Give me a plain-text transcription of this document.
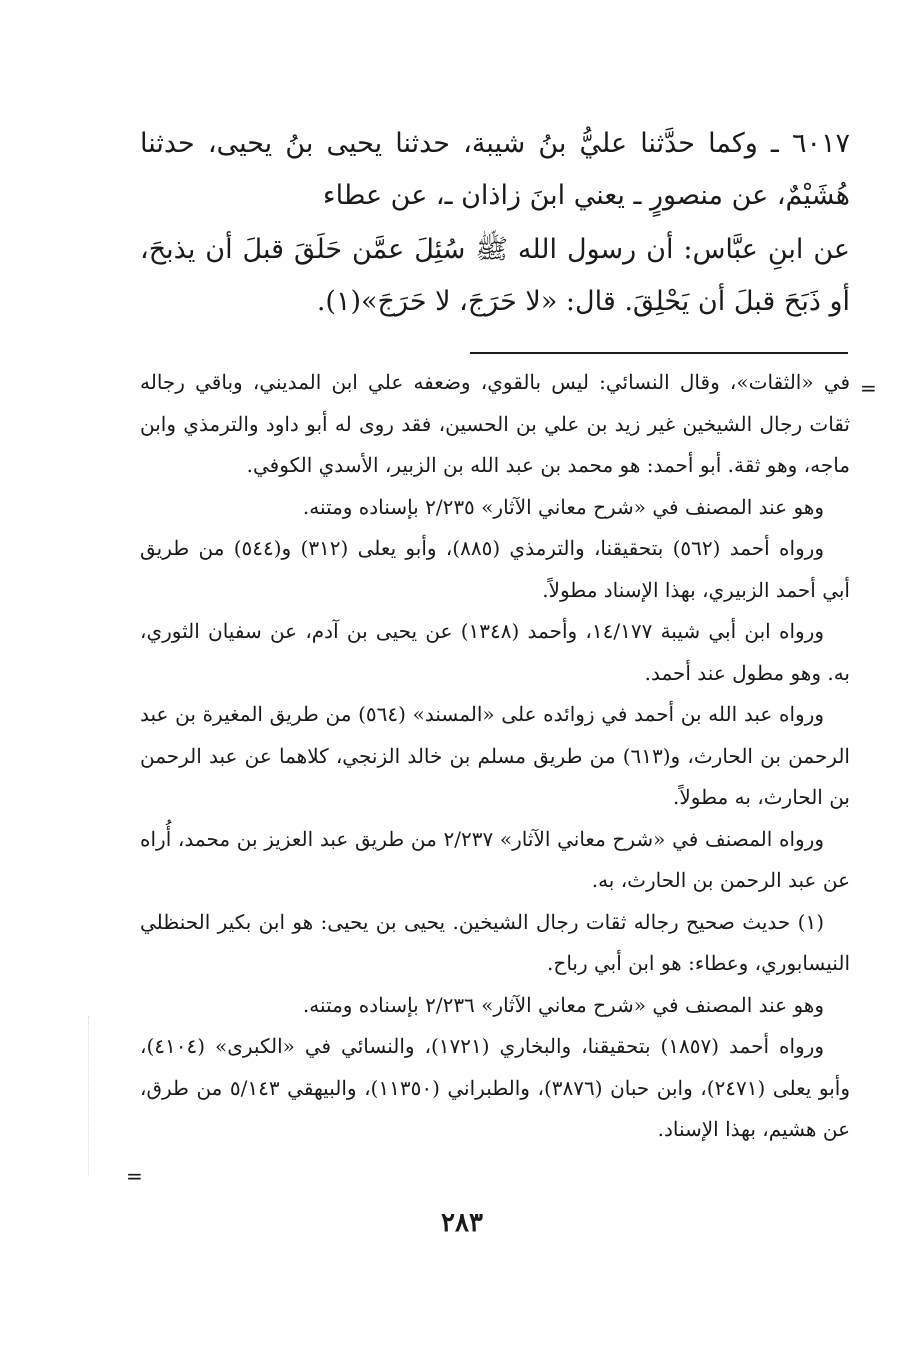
٦٠١٧ ـ وكما حدَّثنا عليُّ بنُ شيبة، حدثنا يحيى بنُ يحيى، حدثنا هُشَيْمٌ، عن منصورٍ ـ يعني ابنَ زاذان ـ، عن عطاء

عن ابنِ عبَّاس: أن رسول الله ﷺ سُئِلَ عمَّن حَلَقَ قبلَ أن يذبحَ، أو ذَبَحَ قبلَ أن يَحْلِقَ. قال: «لا حَرَجَ، لا حَرَجَ»(١).

=

في «الثقات»، وقال النسائي: ليس بالقوي، وضعفه علي ابن المديني، وباقي رجاله ثقات رجال الشيخين غير زيد بن علي بن الحسين، فقد روى له أبو داود والترمذي وابن ماجه، وهو ثقة. أبو أحمد: هو محمد بن عبد الله بن الزبير، الأسدي الكوفي.

وهو عند المصنف في «شرح معاني الآثار» ٢/٢٣٥ بإسناده ومتنه.

ورواه أحمد (٥٦٢) بتحقيقنا، والترمذي (٨٨٥)، وأبو يعلى (٣١٢) و(٥٤٤) من طريق أبي أحمد الزبيري، بهذا الإسناد مطولاً.

ورواه ابن أبي شيبة ١٤/١٧٧، وأحمد (١٣٤٨) عن يحيى بن آدم، عن سفيان الثوري، به. وهو مطول عند أحمد.

ورواه عبد الله بن أحمد في زوائده على «المسند» (٥٦٤) من طريق المغيرة بن عبد الرحمن بن الحارث، و(٦١٣) من طريق مسلم بن خالد الزنجي، كلاهما عن عبد الرحمن بن الحارث، به مطولاً.

ورواه المصنف في «شرح معاني الآثار» ٢/٢٣٧ من طريق عبد العزيز بن محمد، أُراه عن عبد الرحمن بن الحارث، به.

(١) حديث صحيح رجاله ثقات رجال الشيخين. يحيى بن يحيى: هو ابن بكير الحنظلي النيسابوري، وعطاء: هو ابن أبي رباح.

وهو عند المصنف في «شرح معاني الآثار» ٢/٢٣٦ بإسناده ومتنه.

ورواه أحمد (١٨٥٧) بتحقيقنا، والبخاري (١٧٢١)، والنسائي في «الكبرى» (٤١٠٤)، وأبو يعلى (٢٤٧١)، وابن حبان (٣٨٧٦)، والطبراني (١١٣٥٠)، والبيهقي ٥/١٤٣ من طرق، عن هشيم، بهذا الإسناد.

=
٢٨٣
